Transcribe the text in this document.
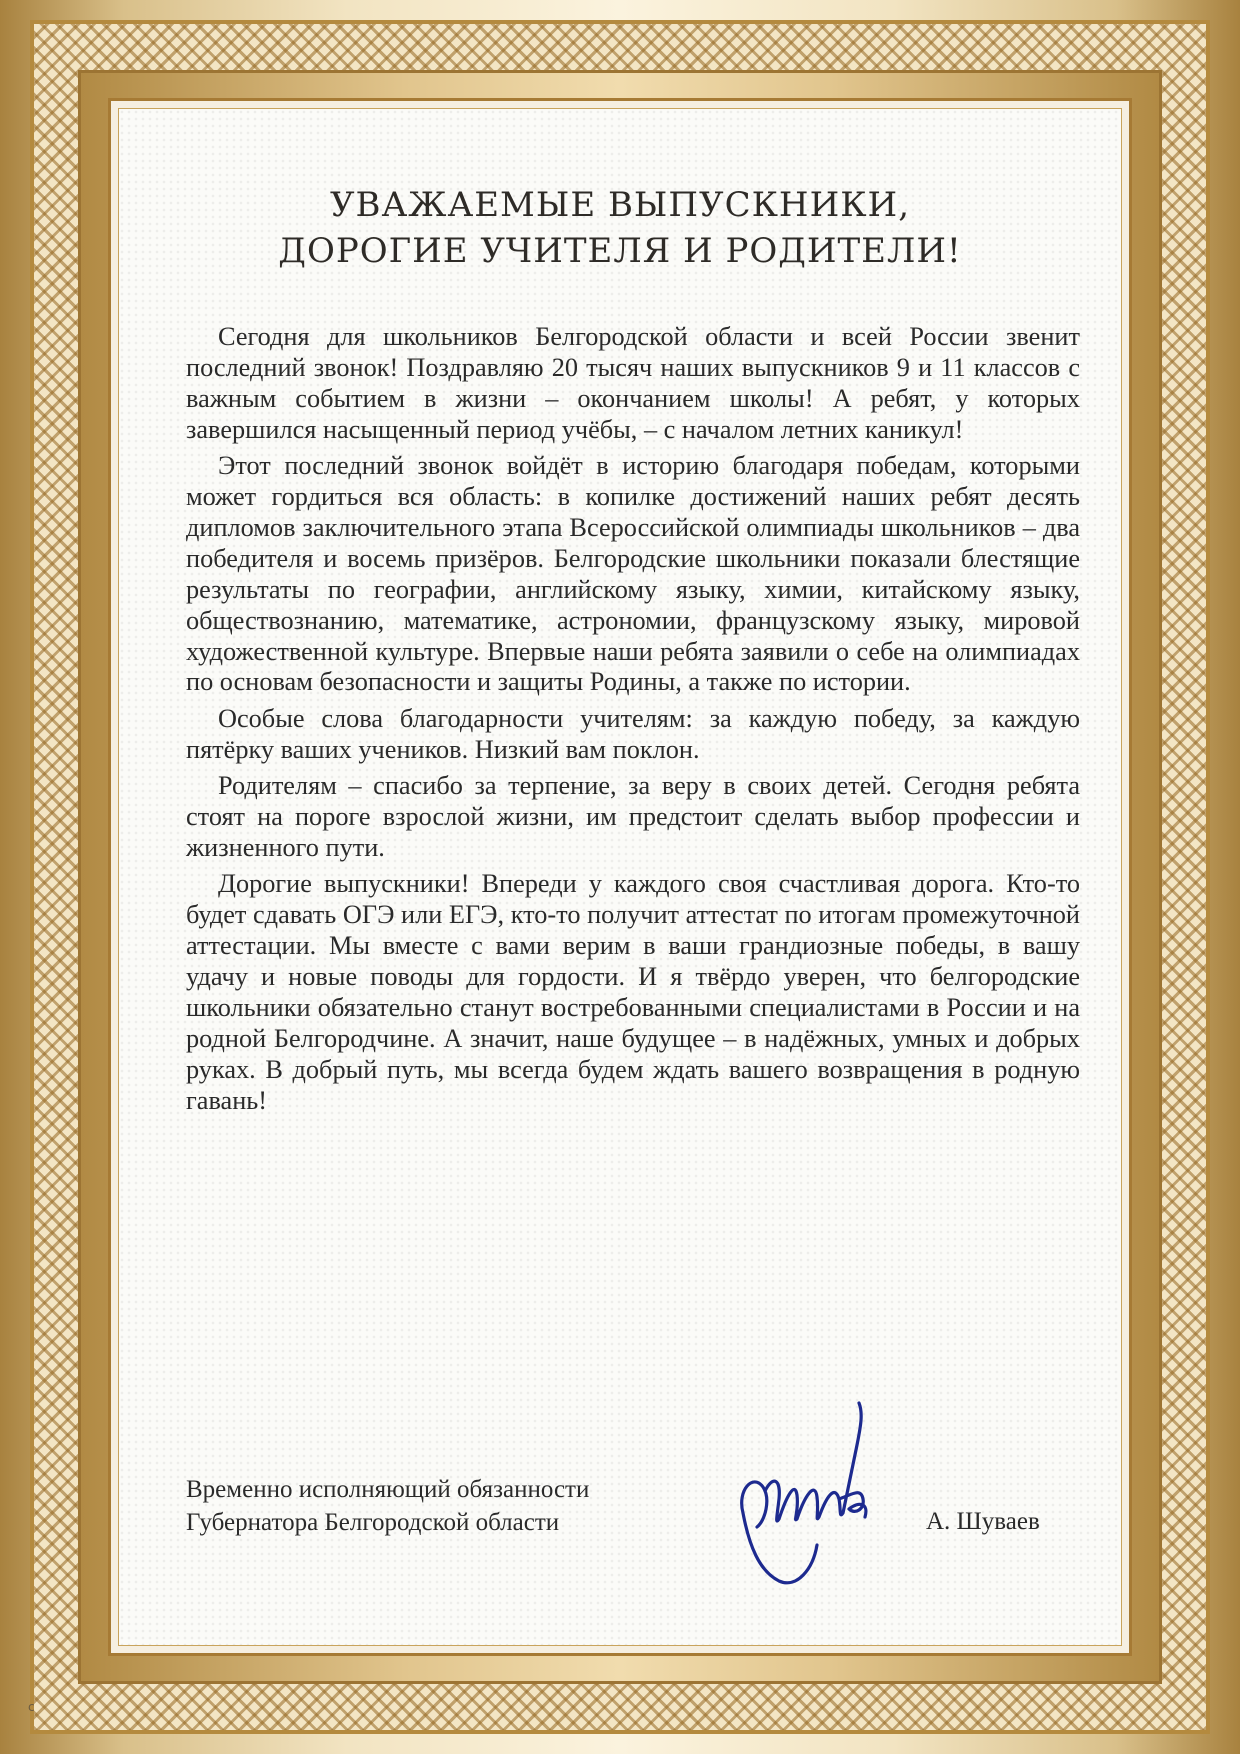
УВАЖАЕМЫЕ ВЫПУСКНИКИ,
ДОРОГИЕ УЧИТЕЛЯ И РОДИТЕЛИ!

Сегодня для школьников Белгородской области и всей России звенит последний звонок! Поздравляю 20 тысяч наших выпускников 9 и 11 классов с важным событием в жизни – окончанием школы! А ребят, у которых завершился насыщенный период учёбы, – с началом летних каникул!

Этот последний звонок войдёт в историю благодаря победам, которыми может гордиться вся область: в копилке достижений наших ребят десять дипломов заключительного этапа Всероссийской олимпиады школьников – два победителя и восемь призёров. Белгородские школьники показали блестящие результаты по географии, английскому языку, химии, китайскому языку, обществознанию, математике, астрономии, французскому языку, мировой художественной культуре. Впервые наши ребята заявили о себе на олимпиадах по основам безопасности и защиты Родины, а также по истории.

Особые слова благодарности учителям: за каждую победу, за каждую пятёрку ваших учеников. Низкий вам поклон.

Родителям – спасибо за терпение, за веру в своих детей. Сегодня ребята стоят на пороге взрослой жизни, им предстоит сделать выбор профессии и жизненного пути.

Дорогие выпускники! Впереди у каждого своя счастливая дорога. Кто-то будет сдавать ОГЭ или ЕГЭ, кто-то получит аттестат по итогам промежуточной аттестации. Мы вместе с вами верим в ваши грандиозные победы, в вашу удачу и новые поводы для гордости. И я твёрдо уверен, что белгородские школьники обязательно станут востребованными специалистами в России и на родной Белгородчине. А значит, наше будущее – в надёжных, умных и добрых руках. В добрый путь, мы всегда будем ждать вашего возвращения в родную гавань!

Временно исполняющий обязанности
Губернатора Белгородской области	А. Шуваев
с
